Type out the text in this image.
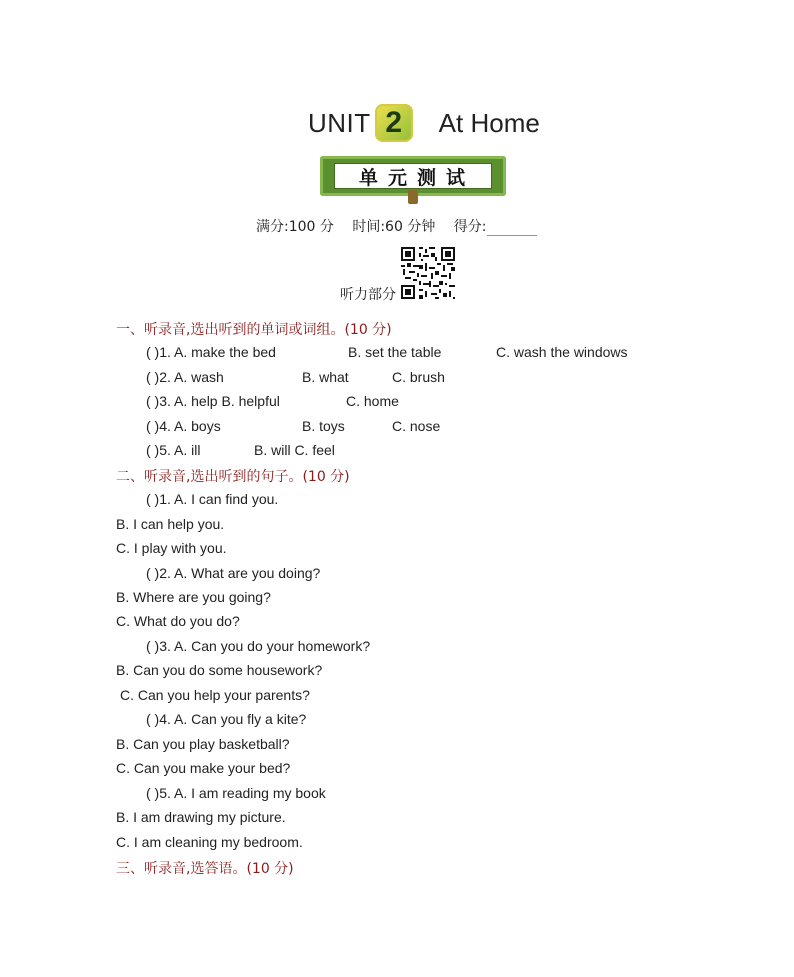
UNIT 2	At Home
单元测试
满分:100 分 时间:60 分钟 得分:
听力部分
一、听录音,选出听到的单词或词组。(10 分)
( )1. A. make the bed	B. set the table	C. wash the windows
( )2. A. wash	B. what	C. brush
( )3. A. help B. helpful	C. home
( )4. A. boys	B. toys	C. nose
( )5. A. ill	B. will C. feel
二、听录音,选出听到的句子。(10 分)
( )1. A. I can find you.
B. I can help you.
C. I play with you.
( )2. A. What are you doing?
B. Where are you going?
C. What do you do?
( )3. A. Can you do your homework?
B. Can you do some housework?
C. Can you help your parents?
( )4. A. Can you fly a kite?
B. Can you play basketball?
C. Can you make your bed?
( )5. A. I am reading my book
B. I am drawing my picture.
C. I am cleaning my bedroom.
三、听录音,选答语。(10 分)
